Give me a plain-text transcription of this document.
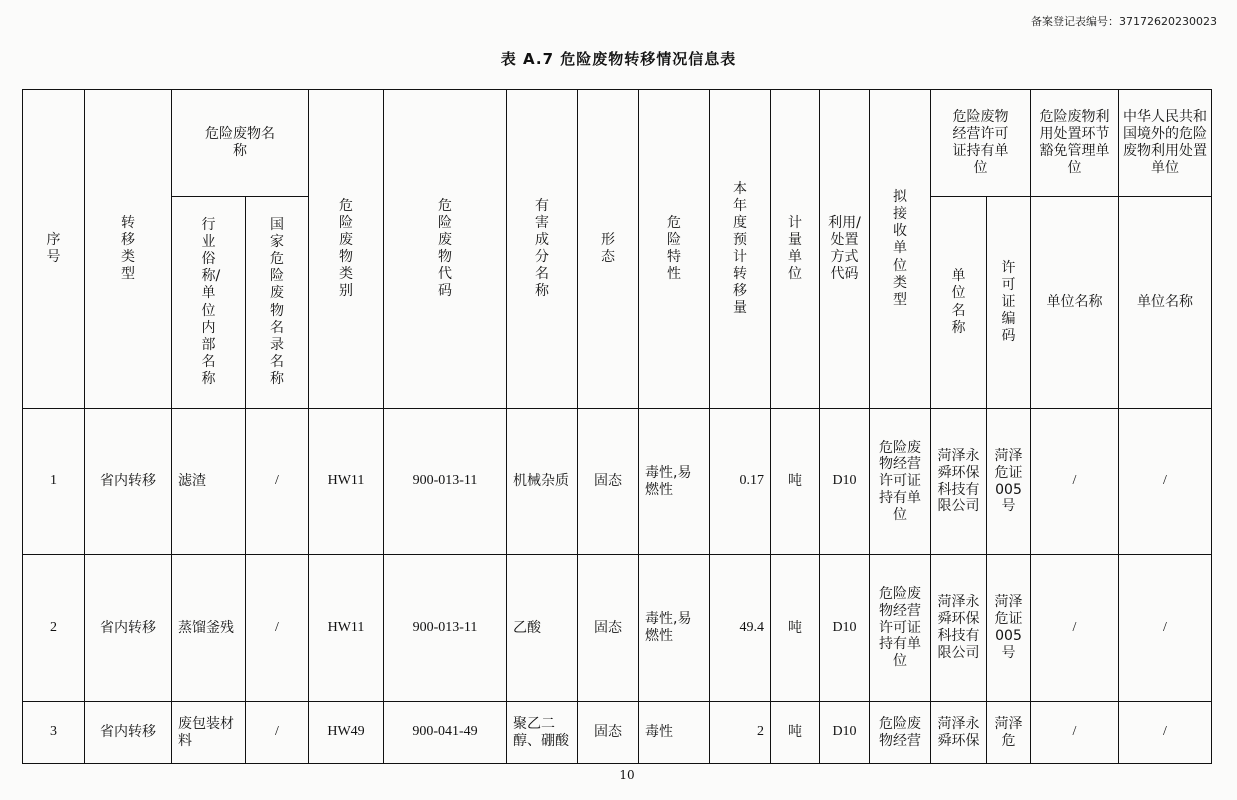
备案登记表编号：37172620230023
表 A.7 危险废物转移情况信息表
序号	转移类型	危险废物名称		危险废物类别	危险废物代码	有害成分名称	形态	危险特性	本年度预计转移量	计量单位	利用/处置方式代码	拟接收单位类型	危险废物经营许可证持有单位		危险废物利用处置环节豁免管理单位	中华人民共和国境外的危险废物利用处置单位
		行业俗称/单位内部名称	国家危险废物名录名称										单位名称	许可证编码	单位名称	单位名称
1	省内转移	滤渣	/	HW11	900-013-11	机械杂质	固态	毒性,易燃性	0.17	吨	D10	危险废物经营许可证持有单位	菏泽永舜环保科技有限公司	菏泽危证005号	/	/
2	省内转移	蒸馏釜残	/	HW11	900-013-11	乙酸	固态	毒性,易燃性	49.4	吨	D10	危险废物经营许可证持有单位	菏泽永舜环保科技有限公司	菏泽危证005号	/	/
3	省内转移	废包装材料	/	HW49	900-041-49	聚乙二醇、硼酸	固态	毒性	2	吨	D10	危险废物经营	菏泽永舜环保	菏泽危	/	/
10
